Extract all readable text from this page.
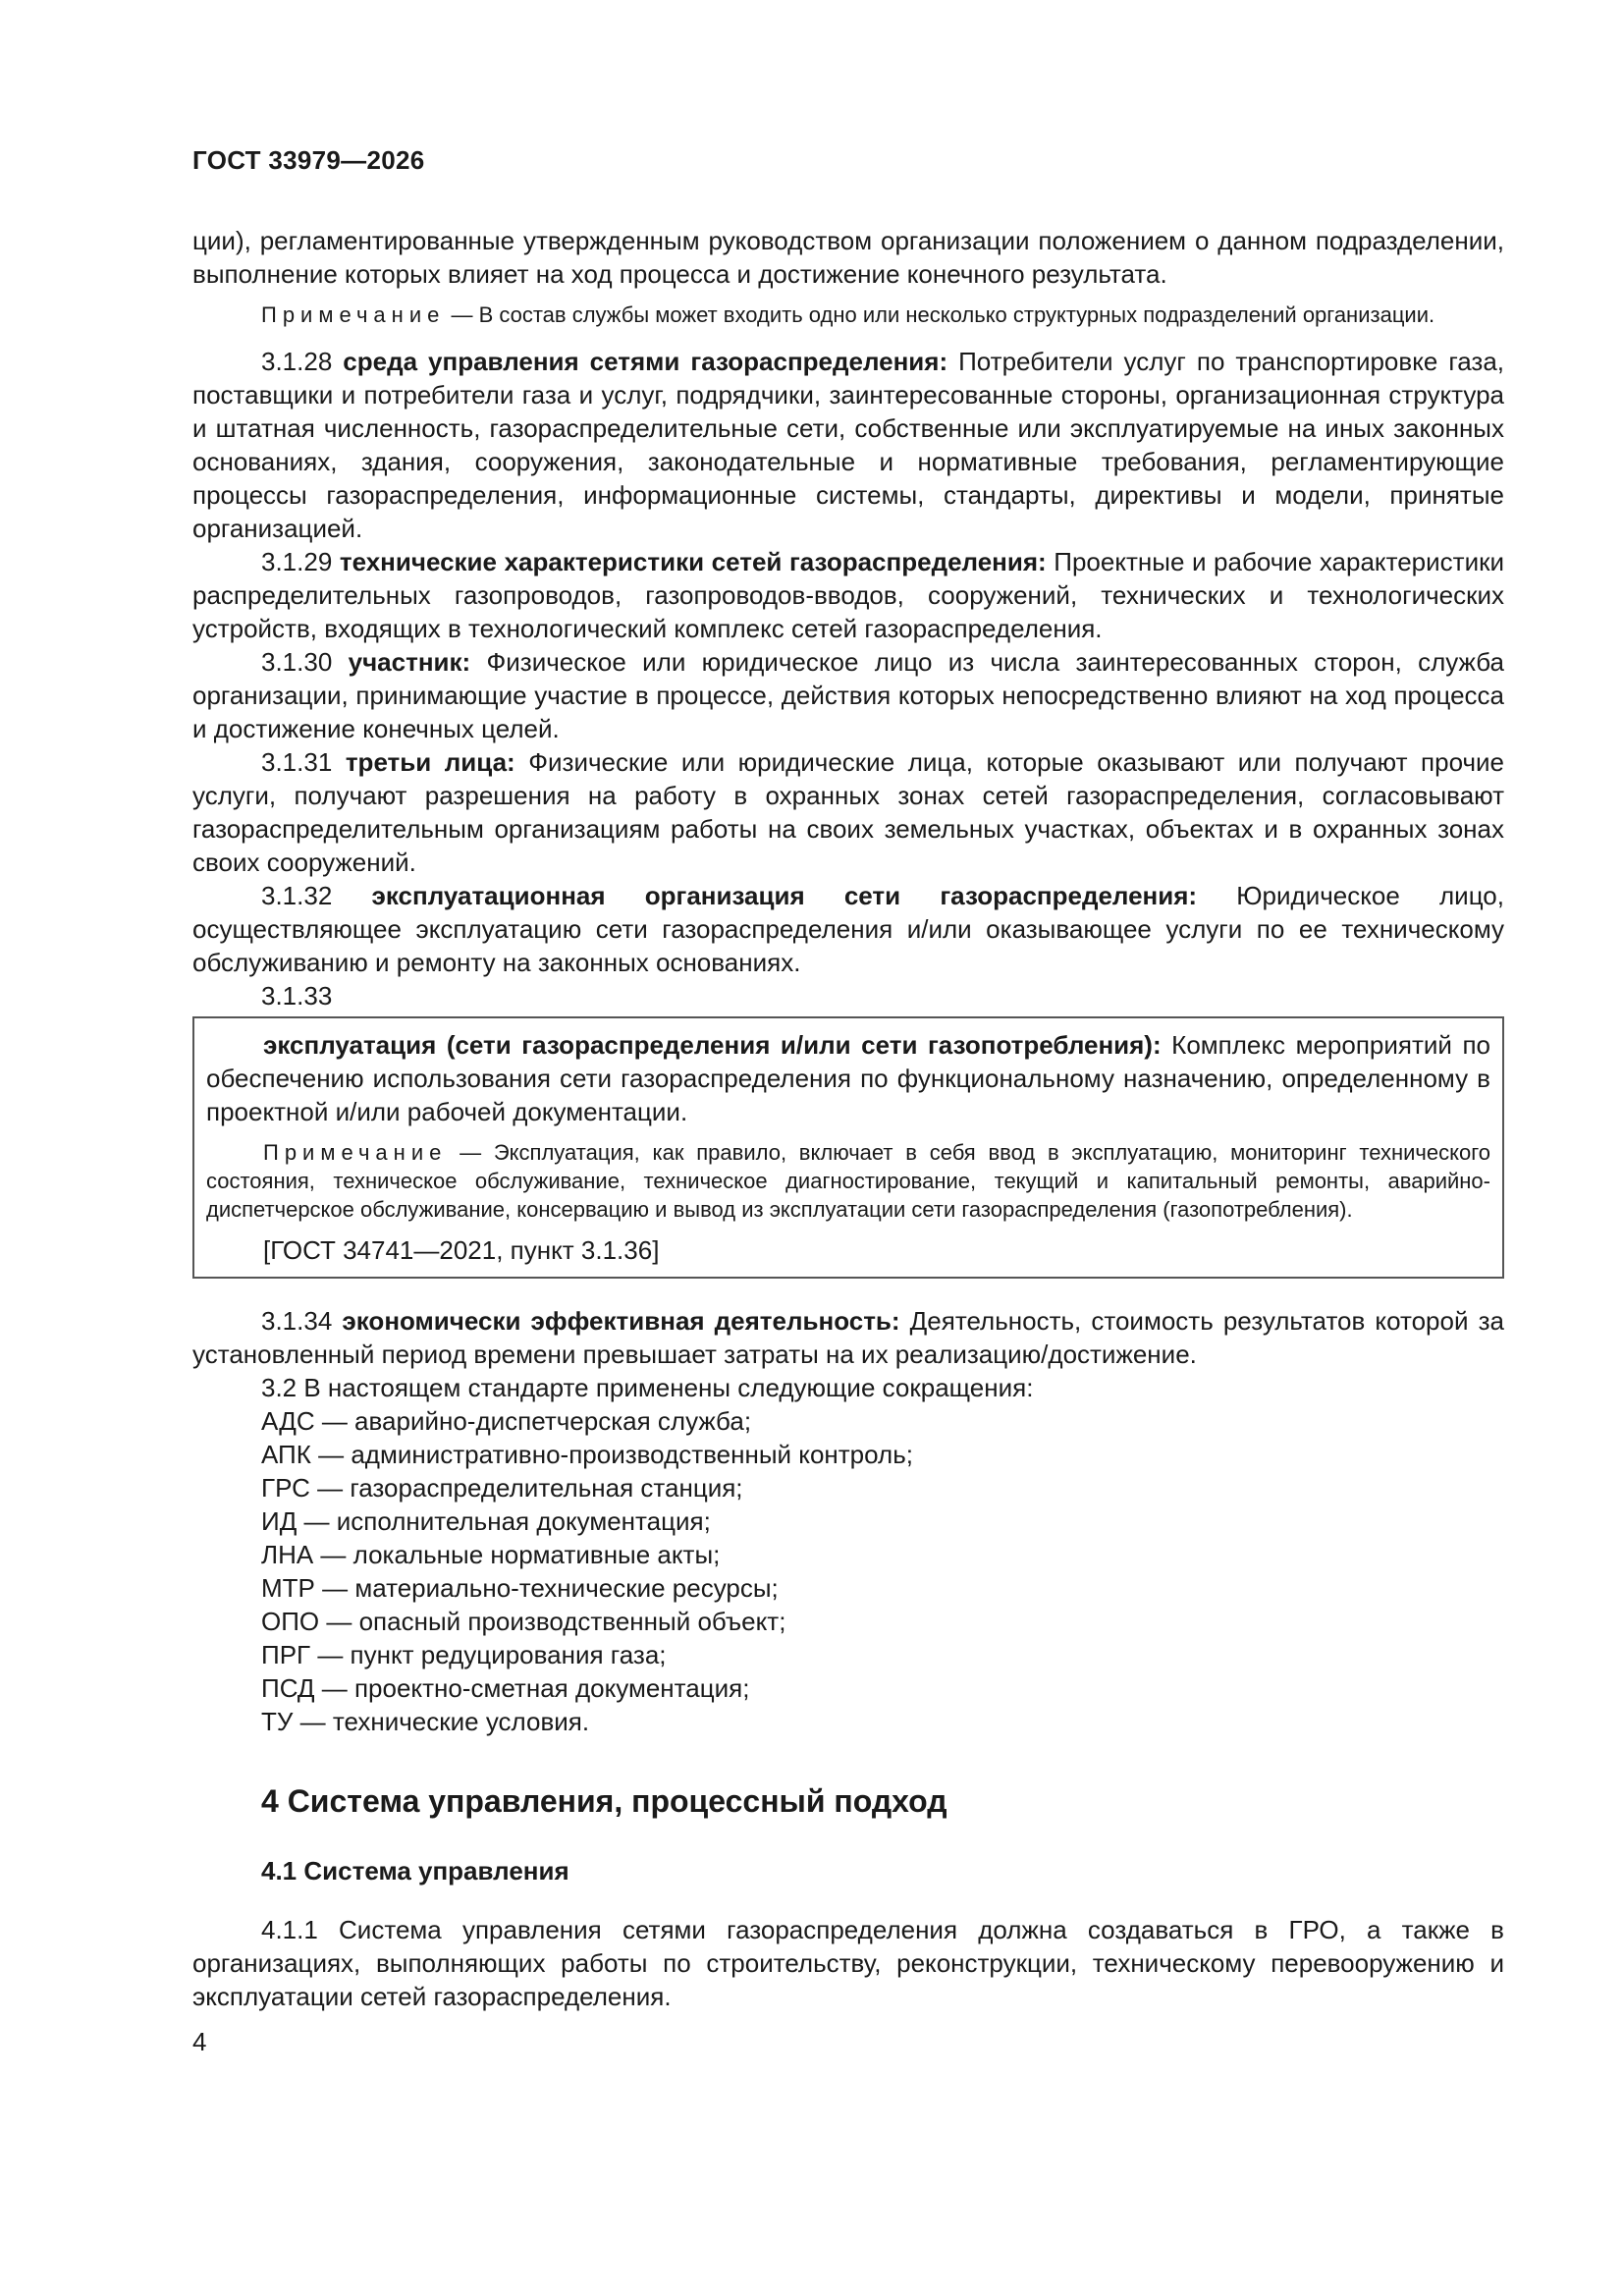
ГОСТ 33979—2026

ции), регламентированные утвержденным руководством организации положением о данном подразделении, выполнение которых влияет на ход процесса и достижение конечного результата.

Примечание — В состав службы может входить одно или несколько структурных подразделений организации.

3.1.28 среда управления сетями газораспределения: Потребители услуг по транспортировке газа, поставщики и потребители газа и услуг, подрядчики, заинтересованные стороны, организационная структура и штатная численность, газораспределительные сети, собственные или эксплуатируемые на иных законных основаниях, здания, сооружения, законодательные и нормативные требования, регламентирующие процессы газораспределения, информационные системы, стандарты, директивы и модели, принятые организацией.

3.1.29 технические характеристики сетей газораспределения: Проектные и рабочие характеристики распределительных газопроводов, газопроводов-вводов, сооружений, технических и технологических устройств, входящих в технологический комплекс сетей газораспределения.

3.1.30 участник: Физическое или юридическое лицо из числа заинтересованных сторон, служба организации, принимающие участие в процессе, действия которых непосредственно влияют на ход процесса и достижение конечных целей.

3.1.31 третьи лица: Физические или юридические лица, которые оказывают или получают прочие услуги, получают разрешения на работу в охранных зонах сетей газораспределения, согласовывают газораспределительным организациям работы на своих земельных участках, объектах и в охранных зонах своих сооружений.

3.1.32 эксплуатационная организация сети газораспределения: Юридическое лицо, осуществляющее эксплуатацию сети газораспределения и/или оказывающее услуги по ее техническому обслуживанию и ремонту на законных основаниях.

3.1.33

эксплуатация (сети газораспределения и/или сети газопотребления): Комплекс мероприятий по обеспечению использования сети газораспределения по функциональному назначению, определенному в проектной и/или рабочей документации.

Примечание — Эксплуатация, как правило, включает в себя ввод в эксплуатацию, мониторинг технического состояния, техническое обслуживание, техническое диагностирование, текущий и капитальный ремонты, аварийно-диспетчерское обслуживание, консервацию и вывод из эксплуатации сети газораспределения (газопотребления).

[ГОСТ 34741—2021, пункт 3.1.36]

3.1.34 экономически эффективная деятельность: Деятельность, стоимость результатов которой за установленный период времени превышает затраты на их реализацию/достижение.

3.2 В настоящем стандарте применены следующие сокращения:

АДС — аварийно-диспетчерская служба;
АПК — административно-производственный контроль;
ГРС — газораспределительная станция;
ИД — исполнительная документация;
ЛНА — локальные нормативные акты;
МТР — материально-технические ресурсы;
ОПО — опасный производственный объект;
ПРГ — пункт редуцирования газа;
ПСД — проектно-сметная документация;
ТУ — технические условия.
4 Система управления, процессный подход
4.1 Система управления

4.1.1 Система управления сетями газораспределения должна создаваться в ГРО, а также в организациях, выполняющих работы по строительству, реконструкции, техническому перевооружению и эксплуатации сетей газораспределения.

4
